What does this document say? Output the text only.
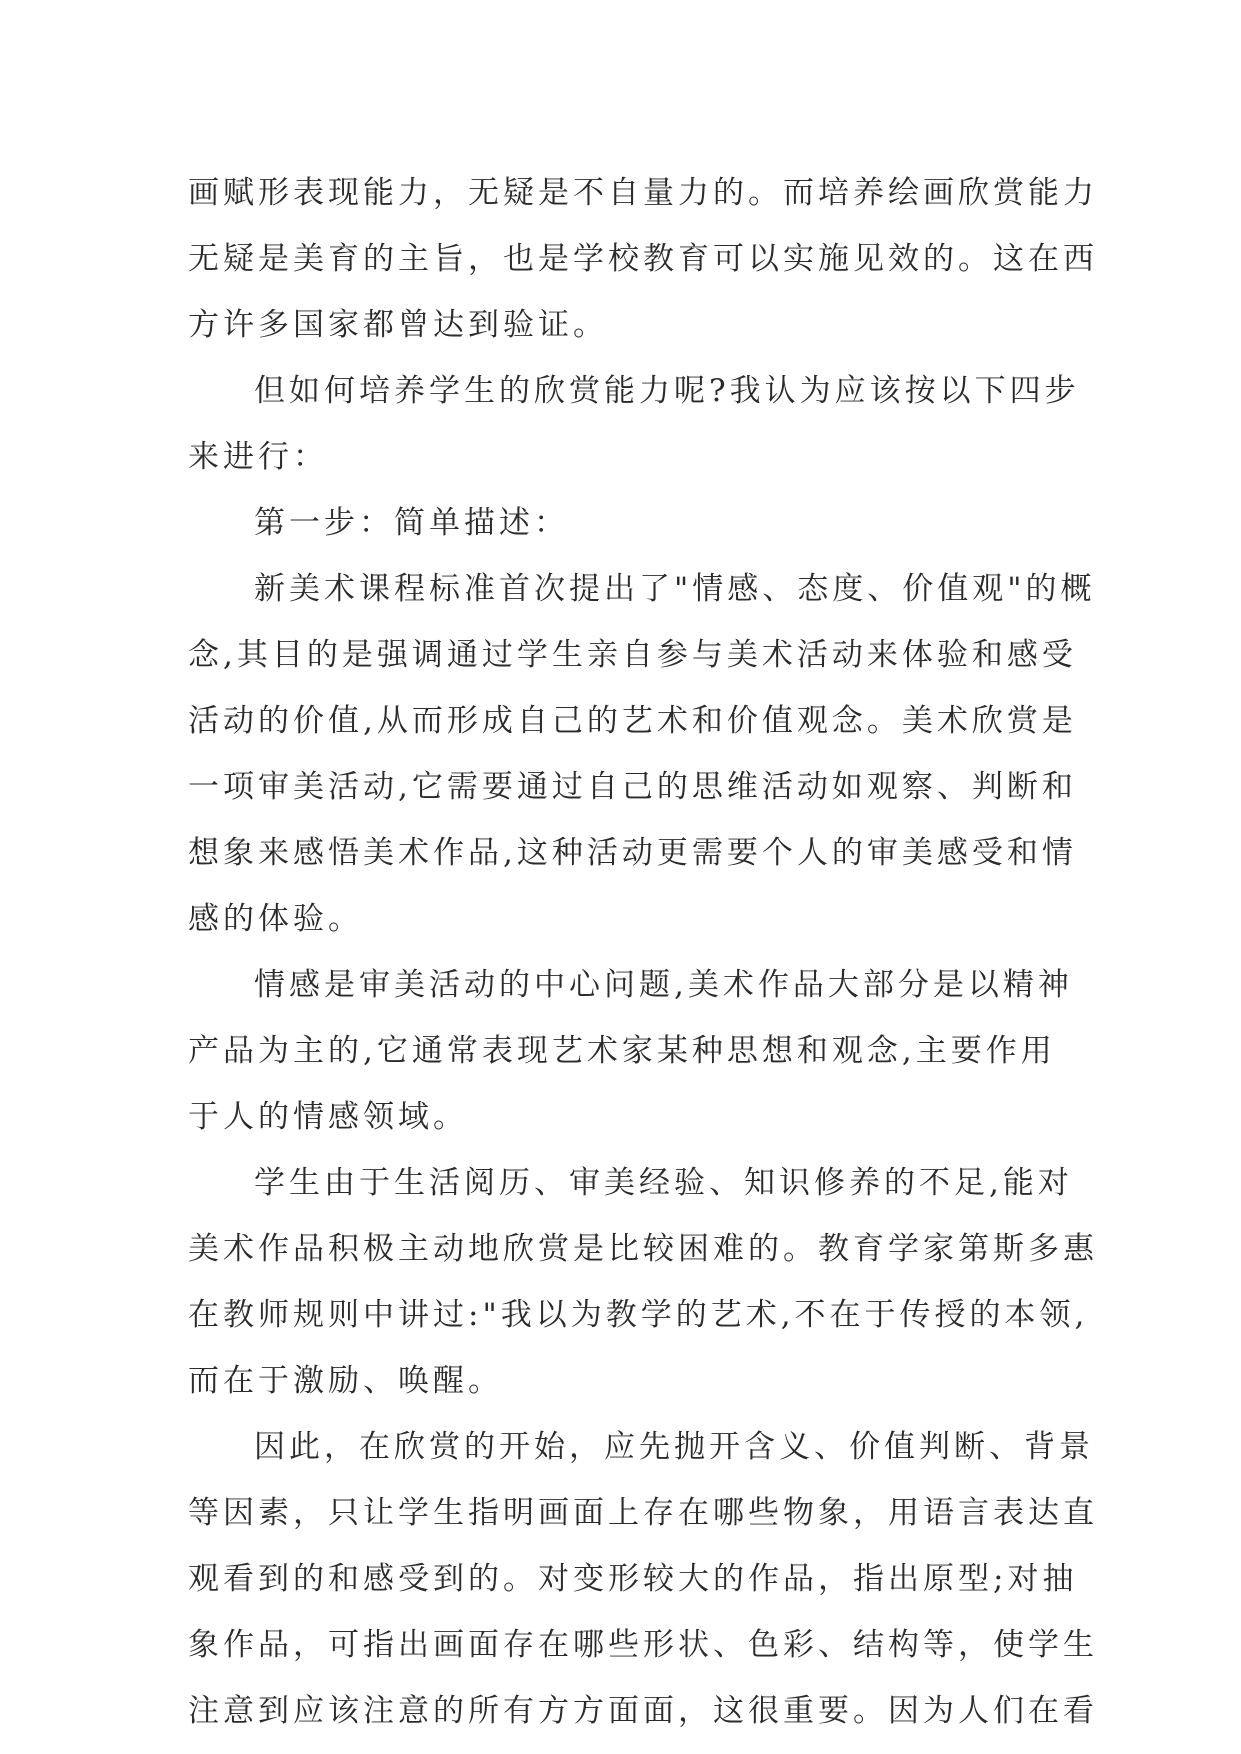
画赋形表现能力，无疑是不自量力的。而培养绘画欣赏能力
无疑是美育的主旨，也是学校教育可以实施见效的。这在西
方许多国家都曾达到验证。
但如何培养学生的欣赏能力呢?我认为应该按以下四步
来进行：
第一步：简单描述：
新美术课程标准首次提出了"情感、态度、价值观"的概
念,其目的是强调通过学生亲自参与美术活动来体验和感受
活动的价值,从而形成自己的艺术和价值观念。美术欣赏是
一项审美活动,它需要通过自己的思维活动如观察、判断和
想象来感悟美术作品,这种活动更需要个人的审美感受和情
感的体验。
情感是审美活动的中心问题,美术作品大部分是以精神
产品为主的,它通常表现艺术家某种思想和观念,主要作用
于人的情感领域。
学生由于生活阅历、审美经验、知识修养的不足,能对
美术作品积极主动地欣赏是比较困难的。教育学家第斯多惠
在教师规则中讲过:"我以为教学的艺术,不在于传授的本领,
而在于激励、唤醒。
因此，在欣赏的开始，应先抛开含义、价值判断、背景
等因素，只让学生指明画面上存在哪些物象，用语言表达直
观看到的和感受到的。对变形较大的作品，指出原型;对抽
象作品，可指出画面存在哪些形状、色彩、结构等，使学生
注意到应该注意的所有方方面面，这很重要。因为人们在看
